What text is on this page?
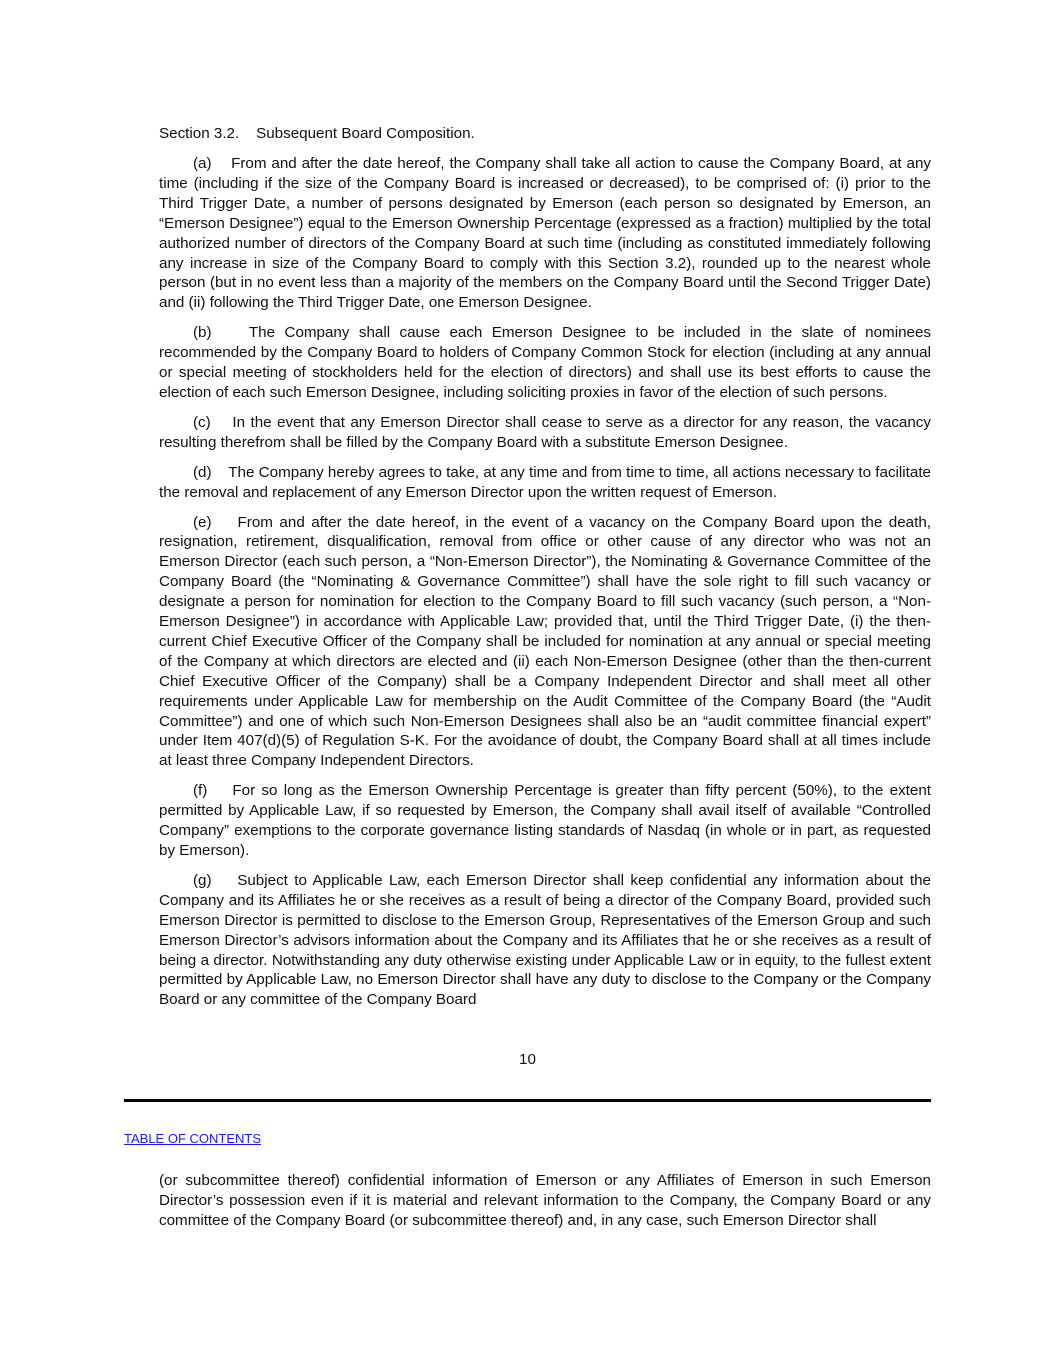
Section 3.2.    Subsequent Board Composition.

(a) From and after the date hereof, the Company shall take all action to cause the Company Board, at any time (including if the size of the Company Board is increased or decreased), to be comprised of: (i) prior to the Third Trigger Date, a number of persons designated by Emerson (each person so designated by Emerson, an “Emerson Designee”) equal to the Emerson Ownership Percentage (expressed as a fraction) multiplied by the total authorized number of directors of the Company Board at such time (including as constituted immediately following any increase in size of the Company Board to comply with this Section 3.2), rounded up to the nearest whole person (but in no event less than a majority of the members on the Company Board until the Second Trigger Date) and (ii) following the Third Trigger Date, one Emerson Designee.

(b) The Company shall cause each Emerson Designee to be included in the slate of nominees recommended by the Company Board to holders of Company Common Stock for election (including at any annual or special meeting of stockholders held for the election of directors) and shall use its best efforts to cause the election of each such Emerson Designee, including soliciting proxies in favor of the election of such persons.

(c) In the event that any Emerson Director shall cease to serve as a director for any reason, the vacancy resulting therefrom shall be filled by the Company Board with a substitute Emerson Designee.

(d) The Company hereby agrees to take, at any time and from time to time, all actions necessary to facilitate the removal and replacement of any Emerson Director upon the written request of Emerson.

(e) From and after the date hereof, in the event of a vacancy on the Company Board upon the death, resignation, retirement, disqualification, removal from office or other cause of any director who was not an Emerson Director (each such person, a “Non-Emerson Director”), the Nominating & Governance Committee of the Company Board (the “Nominating & Governance Committee”) shall have the sole right to fill such vacancy or designate a person for nomination for election to the Company Board to fill such vacancy (such person, a “Non-Emerson Designee”) in accordance with Applicable Law; provided that, until the Third Trigger Date, (i) the then-current Chief Executive Officer of the Company shall be included for nomination at any annual or special meeting of the Company at which directors are elected and (ii) each Non-Emerson Designee (other than the then-current Chief Executive Officer of the Company) shall be a Company Independent Director and shall meet all other requirements under Applicable Law for membership on the Audit Committee of the Company Board (the “Audit Committee”) and one of which such Non-Emerson Designees shall also be an “audit committee financial expert” under Item 407(d)(5) of Regulation S-K. For the avoidance of doubt, the Company Board shall at all times include at least three Company Independent Directors.

(f) For so long as the Emerson Ownership Percentage is greater than fifty percent (50%), to the extent permitted by Applicable Law, if so requested by Emerson, the Company shall avail itself of available “Controlled Company” exemptions to the corporate governance listing standards of Nasdaq (in whole or in part, as requested by Emerson).

(g) Subject to Applicable Law, each Emerson Director shall keep confidential any information about the Company and its Affiliates he or she receives as a result of being a director of the Company Board, provided such Emerson Director is permitted to disclose to the Emerson Group, Representatives of the Emerson Group and such Emerson Director’s advisors information about the Company and its Affiliates that he or she receives as a result of being a director. Notwithstanding any duty otherwise existing under Applicable Law or in equity, to the fullest extent permitted by Applicable Law, no Emerson Director shall have any duty to disclose to the Company or the Company Board or any committee of the Company Board

10
TABLE OF CONTENTS
(or subcommittee thereof) confidential information of Emerson or any Affiliates of Emerson in such Emerson Director’s possession even if it is material and relevant information to the Company, the Company Board or any committee of the Company Board (or subcommittee thereof) and, in any case, such Emerson Director shall
